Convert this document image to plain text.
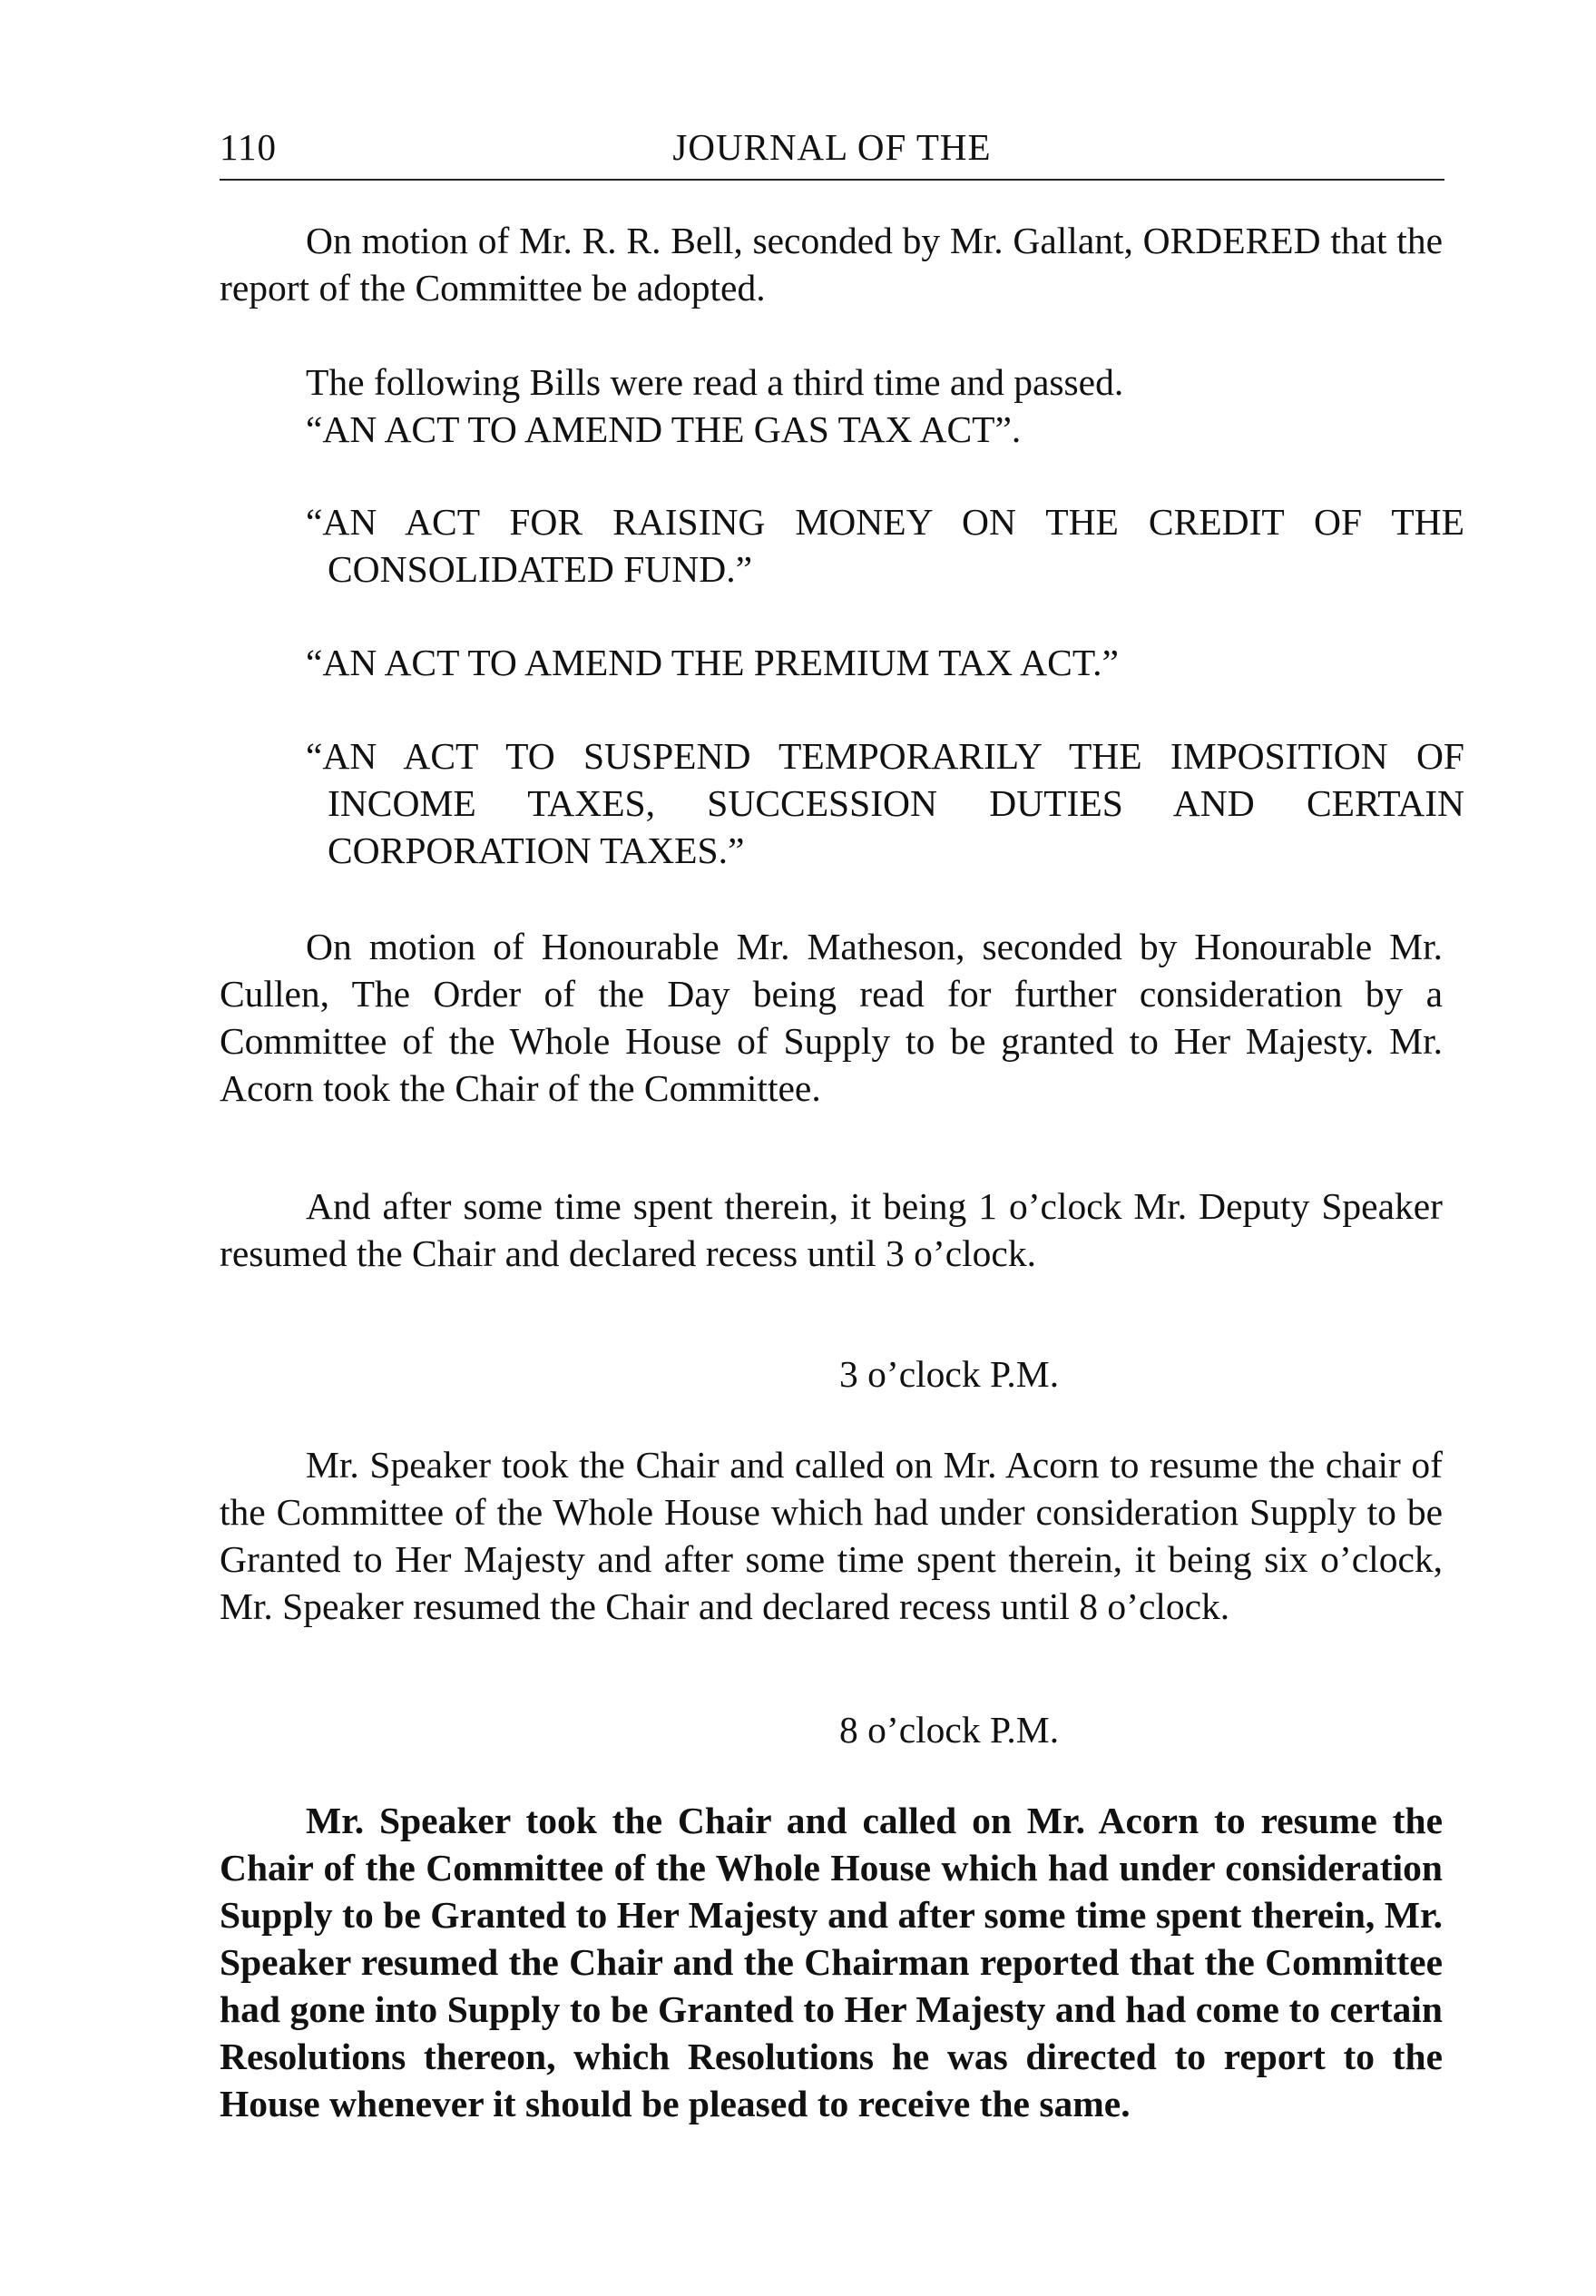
110	JOURNAL OF THE

On motion of Mr. R. R. Bell, seconded by Mr. Gallant, ORDERED that the report of the Committee be adopted.

The following Bills were read a third time and passed.

“AN ACT TO AMEND THE GAS TAX ACT”.

“AN ACT FOR RAISING MONEY ON THE CREDIT OF THE CONSOLIDATED FUND.”

“AN ACT TO AMEND THE PREMIUM TAX ACT.”

“AN ACT TO SUSPEND TEMPORARILY THE IMPOSITION OF INCOME TAXES, SUCCESSION DUTIES AND CERTAIN CORPORATION TAXES.”

On motion of Honourable Mr. Matheson, seconded by Honourable Mr. Cullen, The Order of the Day being read for further consideration by a Committee of the Whole House of Supply to be granted to Her Majesty. Mr. Acorn took the Chair of the Committee.

And after some time spent therein, it being 1 o’clock Mr. Deputy Speaker resumed the Chair and declared recess until 3 o’clock.

3 o’clock P.M.

Mr. Speaker took the Chair and called on Mr. Acorn to resume the chair of the Committee of the Whole House which had under consideration Supply to be Granted to Her Majesty and after some time spent therein, it being six o’clock, Mr. Speaker resumed the Chair and declared recess until 8 o’clock.

8 o’clock P.M.

Mr. Speaker took the Chair and called on Mr. Acorn to resume the Chair of the Committee of the Whole House which had under consideration Supply to be Granted to Her Majesty and after some time spent therein, Mr. Speaker resumed the Chair and the Chairman reported that the Committee had gone into Supply to be Granted to Her Majesty and had come to certain Resolutions thereon, which Resolutions he was directed to report to the House whenever it should be pleased to receive the same.
